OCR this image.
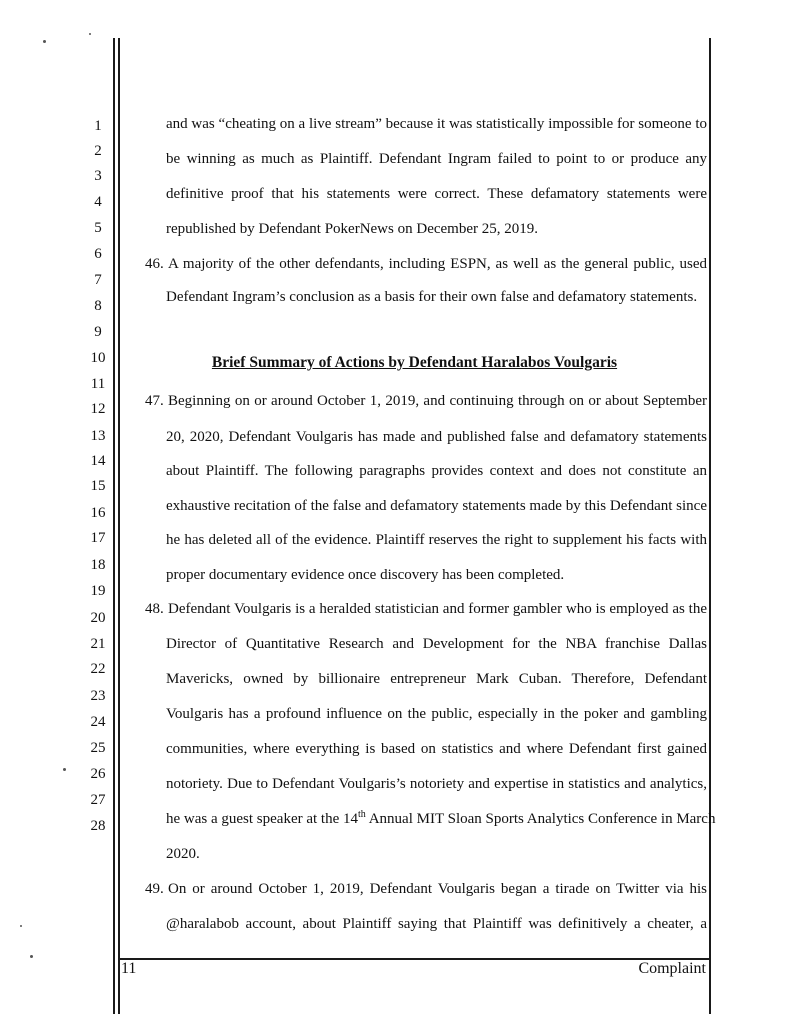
1
2
3
4
5
6
7
8
9
10
11
12
13
14
15
16
17
18
19
20
21
22
23
24
25
26
27
28
and was “cheating on a live stream” because it was statistically impossible for someone to
be winning as much as Plaintiff. Defendant Ingram failed to point to or produce any
definitive proof that his statements were correct. These defamatory statements were
republished by Defendant PokerNews on December 25, 2019.
46. A majority of the other defendants, including ESPN, as well as the general public, used
Defendant Ingram’s conclusion as a basis for their own false and defamatory statements.
Brief Summary of Actions by Defendant Haralabos Voulgaris
47. Beginning on or around October 1, 2019, and continuing through on or about September
20, 2020, Defendant Voulgaris has made and published false and defamatory statements
about Plaintiff. The following paragraphs provides context and does not constitute an
exhaustive recitation of the false and defamatory statements made by this Defendant since
he has deleted all of the evidence. Plaintiff reserves the right to supplement his facts with
proper documentary evidence once discovery has been completed.
48. Defendant Voulgaris is a heralded statistician and former gambler who is employed as the
Director of Quantitative Research and Development for the NBA franchise Dallas
Mavericks, owned by billionaire entrepreneur Mark Cuban. Therefore, Defendant
Voulgaris has a profound influence on the public, especially in the poker and gambling
communities, where everything is based on statistics and where Defendant first gained
notoriety. Due to Defendant Voulgaris’s notoriety and expertise in statistics and analytics,
he was a guest speaker at the 14th Annual MIT Sloan Sports Analytics Conference in March
2020.
49. On or around October 1, 2019, Defendant Voulgaris began a tirade on Twitter via his
@haralabob account, about Plaintiff saying that Plaintiff was definitively a cheater, a
11	Complaint
